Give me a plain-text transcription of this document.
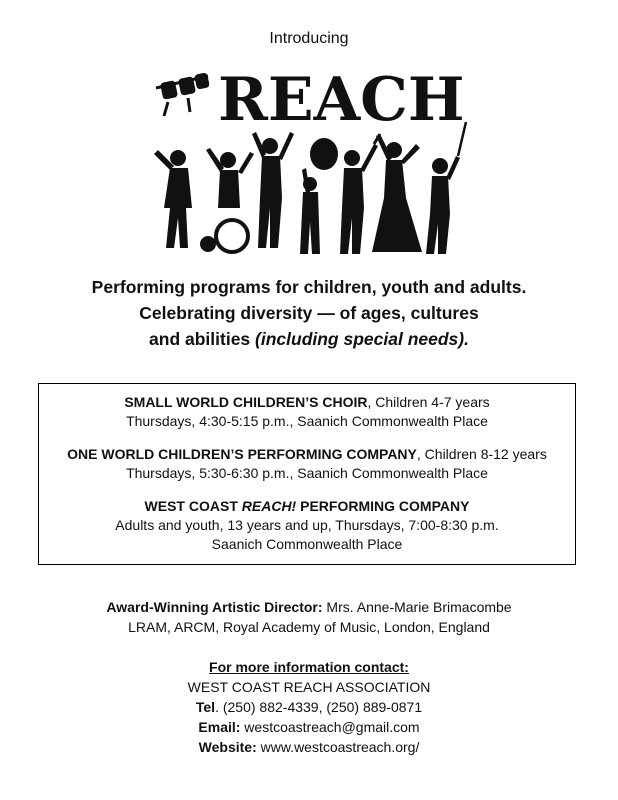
Introducing
REACH!
Performing programs for children, youth and adults.
Celebrating diversity — of ages, cultures
and abilities (including special needs).
SMALL WORLD CHILDREN’S CHOIR, Children 4-7 years
Thursdays, 4:30-5:15 p.m., Saanich Commonwealth Place
ONE WORLD CHILDREN’S PERFORMING COMPANY, Children 8-12 years
Thursdays, 5:30-6:30 p.m., Saanich Commonwealth Place
WEST COAST REACH! PERFORMING COMPANY
Adults and youth, 13 years and up, Thursdays, 7:00-8:30 p.m.
Saanich Commonwealth Place
Award-Winning Artistic Director: Mrs. Anne-Marie Brimacombe
LRAM, ARCM, Royal Academy of Music, London, England
For more information contact:
WEST COAST REACH ASSOCIATION
Tel. (250) 882-4339, (250) 889-0871
Email: westcoastreach@gmail.com
Website: www.westcoastreach.org/
